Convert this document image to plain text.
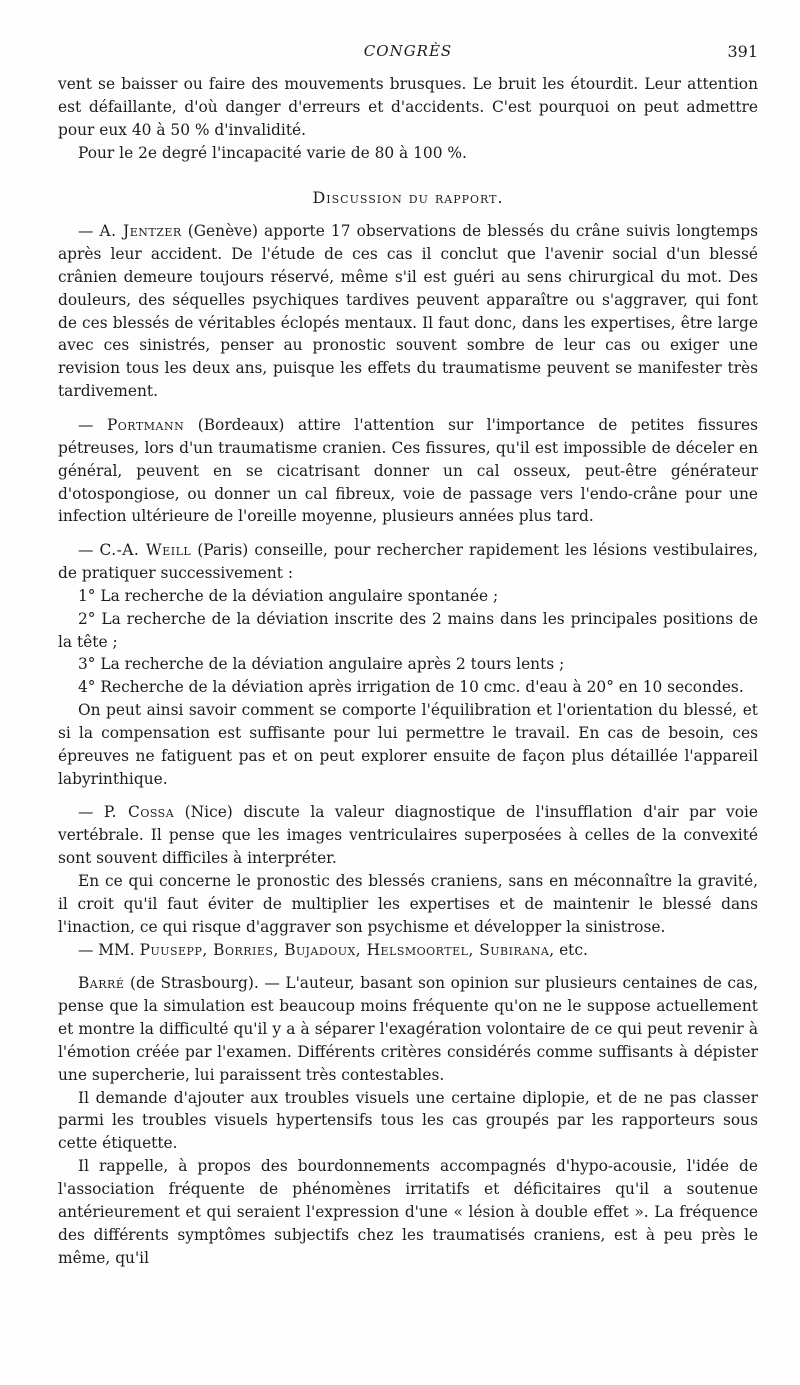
CONGRÈS	391

vent se baisser ou faire des mouvements brusques. Le bruit les étourdit. Leur attention est défaillante, d'où danger d'erreurs et d'accidents. C'est pourquoi on peut admettre pour eux 40 à 50 % d'invalidité.

Pour le 2e degré l'incapacité varie de 80 à 100 %.

Discussion du rapport.

— A. Jentzer (Genève) apporte 17 observations de blessés du crâne suivis longtemps après leur accident. De l'étude de ces cas il conclut que l'avenir social d'un blessé crânien demeure toujours réservé, même s'il est guéri au sens chirurgical du mot. Des douleurs, des séquelles psychiques tardives peuvent apparaître ou s'aggraver, qui font de ces blessés de véritables éclopés mentaux. Il faut donc, dans les expertises, être large avec ces sinistrés, penser au pronostic souvent sombre de leur cas ou exiger une revision tous les deux ans, puisque les effets du traumatisme peuvent se manifester très tardivement.

— Portmann (Bordeaux) attire l'attention sur l'importance de petites fissures pétreuses, lors d'un traumatisme cranien. Ces fissures, qu'il est impossible de déceler en général, peuvent en se cicatrisant donner un cal osseux, peut-être générateur d'otospongiose, ou donner un cal fibreux, voie de passage vers l'endo-crâne pour une infection ultérieure de l'oreille moyenne, plusieurs années plus tard.

— C.-A. Weill (Paris) conseille, pour rechercher rapidement les lésions vestibulaires, de pratiquer successivement :

1° La recherche de la déviation angulaire spontanée ;

2° La recherche de la déviation inscrite des 2 mains dans les principales positions de la tête ;

3° La recherche de la déviation angulaire après 2 tours lents ;

4° Recherche de la déviation après irrigation de 10 cmc. d'eau à 20° en 10 secondes.

On peut ainsi savoir comment se comporte l'équilibration et l'orientation du blessé, et si la compensation est suffisante pour lui permettre le travail. En cas de besoin, ces épreuves ne fatiguent pas et on peut explorer ensuite de façon plus détaillée l'appareil labyrinthique.

— P. Cossa (Nice) discute la valeur diagnostique de l'insufflation d'air par voie vertébrale. Il pense que les images ventriculaires superposées à celles de la convexité sont souvent difficiles à interpréter.

En ce qui concerne le pronostic des blessés craniens, sans en méconnaître la gravité, il croit qu'il faut éviter de multiplier les expertises et de maintenir le blessé dans l'inaction, ce qui risque d'aggraver son psychisme et développer la sinistrose.

— MM. Puusepp, Borries, Bujadoux, Helsmoortel, Subirana, etc.

Barré (de Strasbourg). — L'auteur, basant son opinion sur plusieurs centaines de cas, pense que la simulation est beaucoup moins fréquente qu'on ne le suppose actuellement et montre la difficulté qu'il y a à séparer l'exagération volontaire de ce qui peut revenir à l'émotion créée par l'examen. Différents critères considérés comme suffisants à dépister une supercherie, lui paraissent très contestables.

Il demande d'ajouter aux troubles visuels une certaine diplopie, et de ne pas classer parmi les troubles visuels hypertensifs tous les cas groupés par les rapporteurs sous cette étiquette.

Il rappelle, à propos des bourdonnements accompagnés d'hypo-acousie, l'idée de l'association fréquente de phénomènes irritatifs et déficitaires qu'il a soutenue antérieurement et qui seraient l'expression d'une « lésion à double effet ». La fréquence des différents symptômes subjectifs chez les traumatisés craniens, est à peu près le même, qu'il
